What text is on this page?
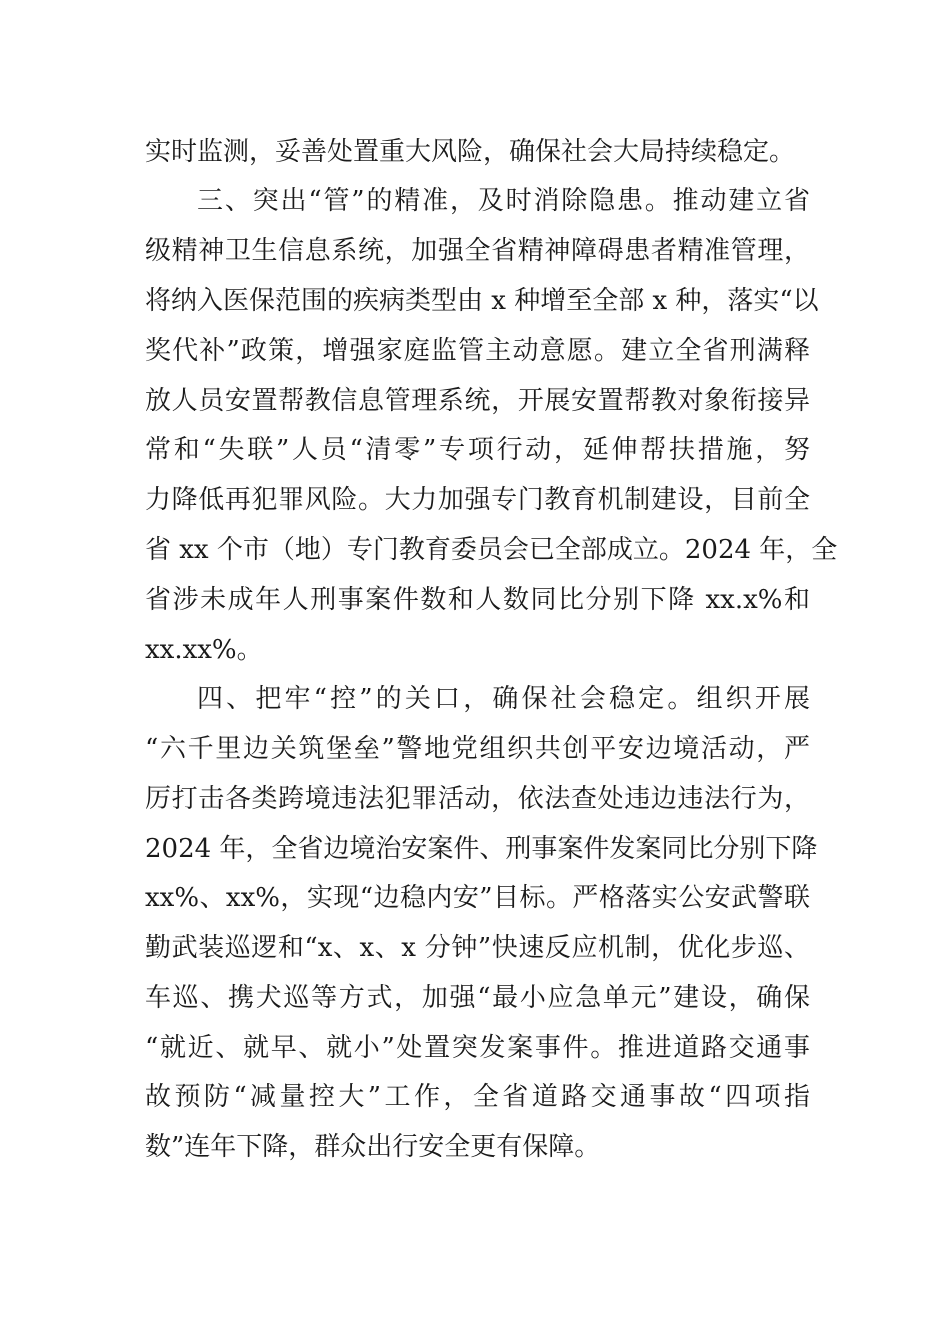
实时监测，妥善处置重大风险，确保社会大局持续稳定。
三、突出“管”的精准，及时消除隐患。推动建立省
级精神卫生信息系统，加强全省精神障碍患者精准管理，
将纳入医保范围的疾病类型由 x 种增至全部 x 种，落实“以
奖代补”政策，增强家庭监管主动意愿。建立全省刑满释
放人员安置帮教信息管理系统，开展安置帮教对象衔接异
常和“失联”人员“清零”专项行动，延伸帮扶措施，努
力降低再犯罪风险。大力加强专门教育机制建设，目前全
省 xx 个市（地）专门教育委员会已全部成立。2024 年，全
省涉未成年人刑事案件数和人数同比分别下降 xx.x%和
xx.xx%。
四、把牢“控”的关口，确保社会稳定。组织开展
“六千里边关筑堡垒”警地党组织共创平安边境活动，严
厉打击各类跨境违法犯罪活动，依法查处违边违法行为，
2024 年，全省边境治安案件、刑事案件发案同比分别下降
xx%、xx%，实现“边稳内安”目标。严格落实公安武警联
勤武装巡逻和“x、x、x 分钟”快速反应机制，优化步巡、
车巡、携犬巡等方式，加强“最小应急单元”建设，确保
“就近、就早、就小”处置突发案事件。推进道路交通事
故预防“减量控大”工作，全省道路交通事故“四项指
数”连年下降，群众出行安全更有保障。
